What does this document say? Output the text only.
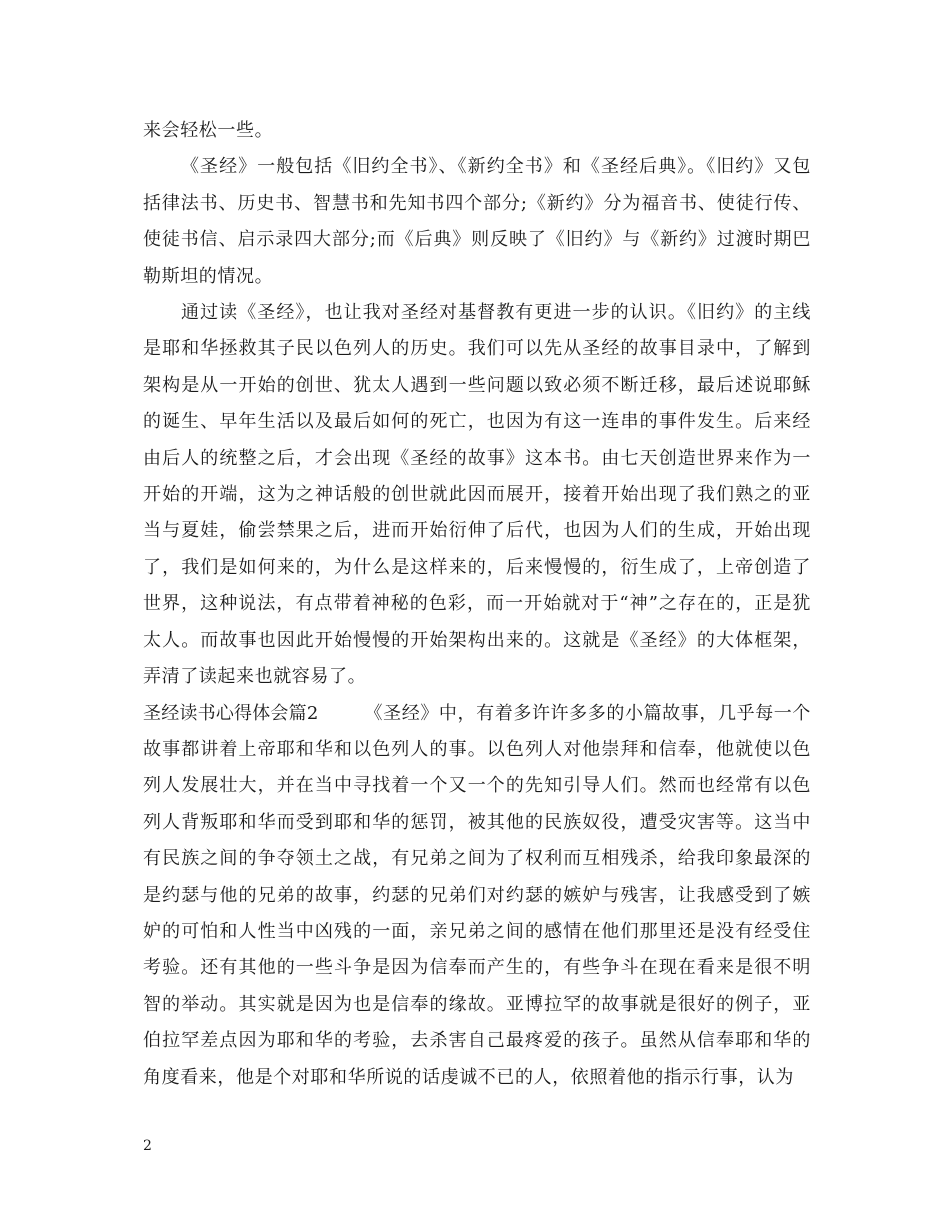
来会轻松一些。

《圣经》一般包括《旧约全书》、《新约全书》和《圣经后典》。《旧约》又包括律法书、历史书、智慧书和先知书四个部分;《新约》分为福音书、使徒行传、使徒书信、启示录四大部分;而《后典》则反映了《旧约》与《新约》过渡时期巴勒斯坦的情况。

通过读《圣经》，也让我对圣经对基督教有更进一步的认识。《旧约》的主线是耶和华拯救其子民以色列人的历史。我们可以先从圣经的故事目录中，了解到架构是从一开始的创世、犹太人遇到一些问题以致必须不断迁移，最后述说耶稣的诞生、早年生活以及最后如何的死亡，也因为有这一连串的事件发生。后来经由后人的统整之后，才会出现《圣经的故事》这本书。由七天创造世界来作为一开始的开端，这为之神话般的创世就此因而展开，接着开始出现了我们熟之的亚当与夏娃，偷尝禁果之后，进而开始衍伸了后代，也因为人们的生成，开始出现了，我们是如何来的，为什么是这样来的，后来慢慢的，衍生成了，上帝创造了世界，这种说法，有点带着神秘的色彩，而一开始就对于“神”之存在的，正是犹太人。而故事也因此开始慢慢的开始架构出来的。这就是《圣经》的大体框架，弄清了读起来也就容易了。

圣经读书心得体会篇2	《圣经》中，有着多许许多多的小篇故事，几乎每一个故事都讲着上帝耶和华和以色列人的事。以色列人对他崇拜和信奉，他就使以色列人发展壮大，并在当中寻找着一个又一个的先知引导人们。然而也经常有以色列人背叛耶和华而受到耶和华的惩罚，被其他的民族奴役，遭受灾害等。这当中有民族之间的争夺领土之战，有兄弟之间为了权利而互相残杀，给我印象最深的是约瑟与他的兄弟的故事，约瑟的兄弟们对约瑟的嫉妒与残害，让我感受到了嫉妒的可怕和人性当中凶残的一面，亲兄弟之间的感情在他们那里还是没有经受住考验。还有其他的一些斗争是因为信奉而产生的，有些争斗在现在看来是很不明智的举动。其实就是因为也是信奉的缘故。亚博拉罕的故事就是很好的例子，亚伯拉罕差点因为耶和华的考验，去杀害自己最疼爱的孩子。虽然从信奉耶和华的角度看来，他是个对耶和华所说的话虔诚不已的人，依照着他的指示行事，认为

2
